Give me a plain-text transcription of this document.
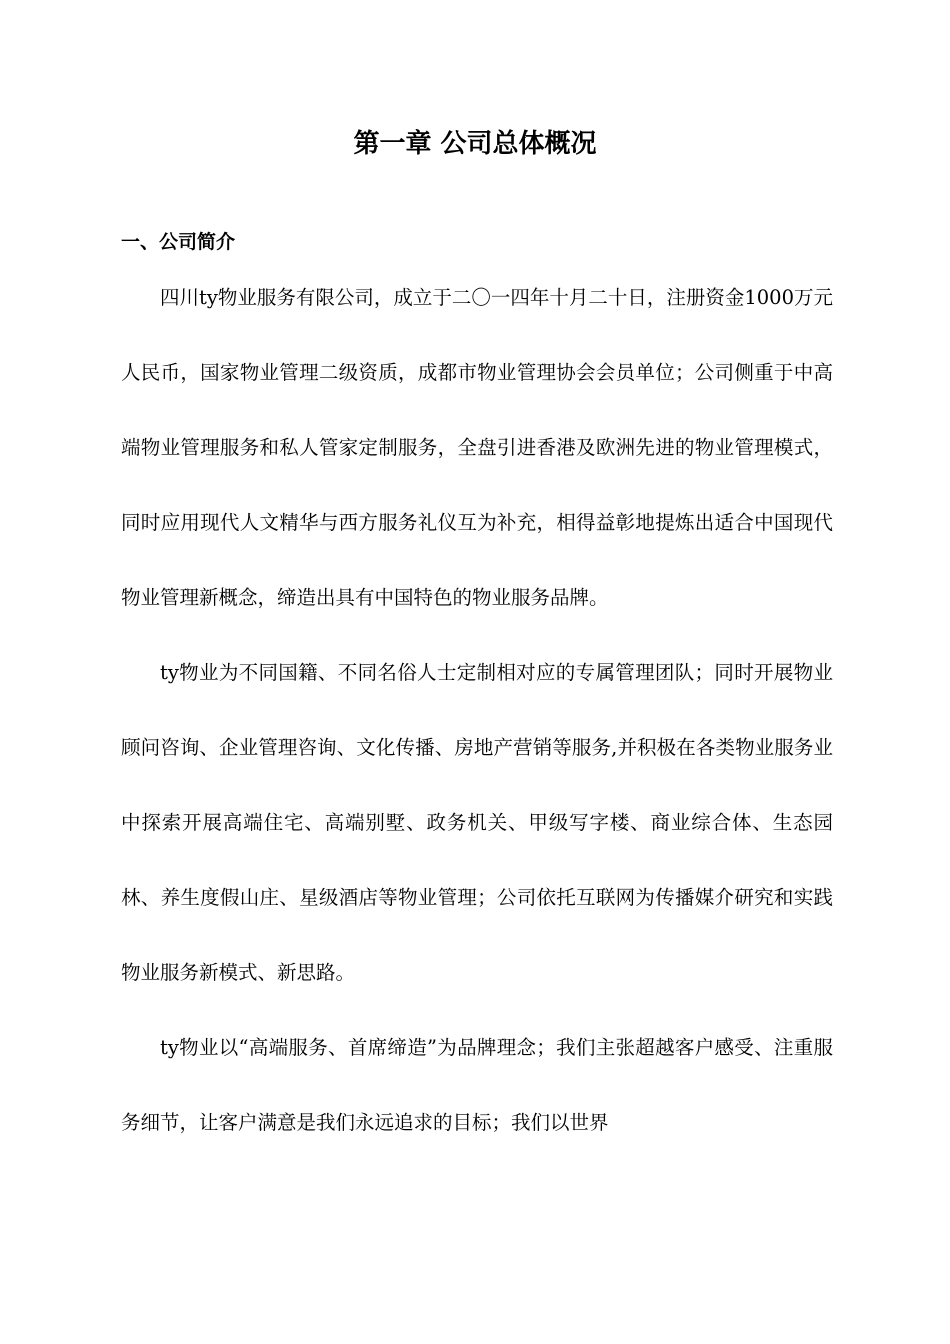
第一章 公司总体概况
一、公司简介

四川ty物业服务有限公司，成立于二〇一四年十月二十日，注册资金1000万元人民币，国家物业管理二级资质，成都市物业管理协会会员单位；公司侧重于中高端物业管理服务和私人管家定制服务，全盘引进香港及欧洲先进的物业管理模式，同时应用现代人文精华与西方服务礼仪互为补充，相得益彰地提炼出适合中国现代物业管理新概念，缔造出具有中国特色的物业服务品牌。

ty物业为不同国籍、不同名俗人士定制相对应的专属管理团队；同时开展物业顾问咨询、企业管理咨询、文化传播、房地产营销等服务,并积极在各类物业服务业中探索开展高端住宅、高端别墅、政务机关、甲级写字楼、商业综合体、生态园林、养生度假山庄、星级酒店等物业管理；公司依托互联网为传播媒介研究和实践物业服务新模式、新思路。

ty物业以“高端服务、首席缔造”为品牌理念；我们主张超越客户感受、注重服务细节，让客户满意是我们永远追求的目标；我们以世界
